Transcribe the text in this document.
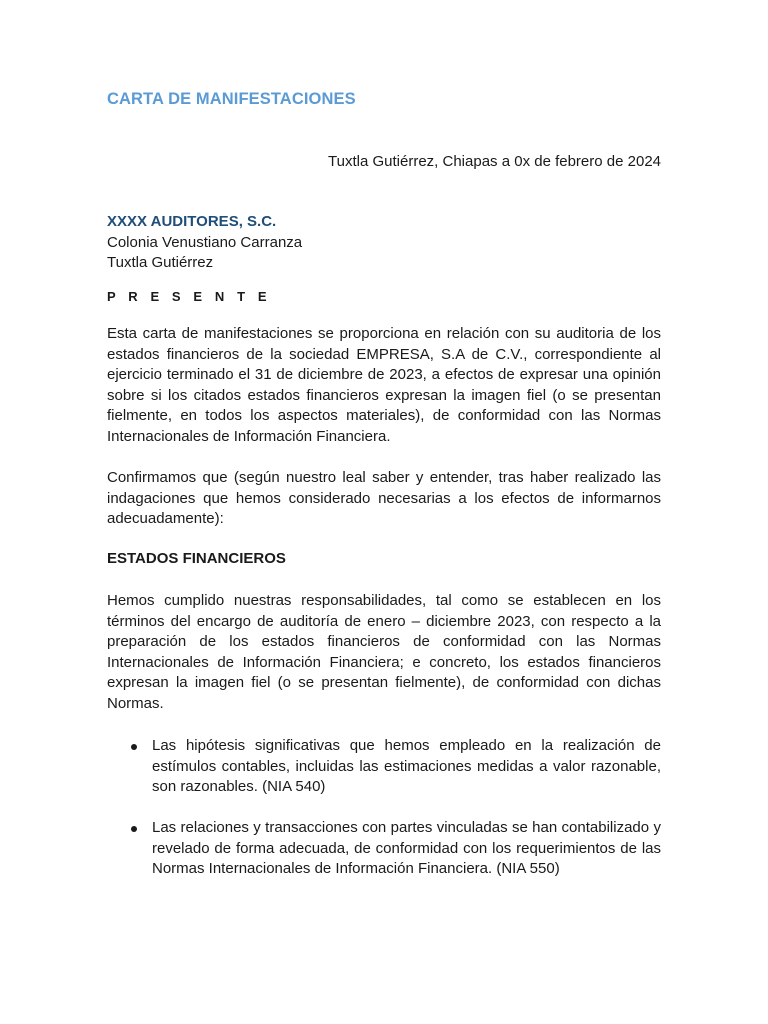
CARTA DE MANIFESTACIONES
Tuxtla Gutiérrez, Chiapas a 0x de febrero de 2024
XXXX AUDITORES, S.C.
Colonia Venustiano Carranza
Tuxtla Gutiérrez
P R E S E N T E
Esta carta de manifestaciones se proporciona en relación con su auditoria de los estados financieros de la sociedad EMPRESA, S.A de C.V., correspondiente al ejercicio terminado el 31 de diciembre de 2023, a efectos de expresar una opinión sobre si los citados estados financieros expresan la imagen fiel (o se presentan fielmente, en todos los aspectos materiales), de conformidad con las Normas Internacionales de Información Financiera.
Confirmamos que (según nuestro leal saber y entender, tras haber realizado las indagaciones que hemos considerado necesarias a los efectos de informarnos adecuadamente):
ESTADOS FINANCIEROS
Hemos cumplido nuestras responsabilidades, tal como se establecen en los términos del encargo de auditoría de enero – diciembre 2023, con respecto a la preparación de los estados financieros de conformidad con las Normas Internacionales de Información Financiera; e concreto, los estados financieros expresan la imagen fiel (o se presentan fielmente), de conformidad con dichas Normas.
Las hipótesis significativas que hemos empleado en la realización de estímulos contables, incluidas las estimaciones medidas a valor razonable, son razonables. (NIA 540)
Las relaciones y transacciones con partes vinculadas se han contabilizado y revelado de forma adecuada, de conformidad con los requerimientos de las Normas Internacionales de Información Financiera. (NIA 550)
